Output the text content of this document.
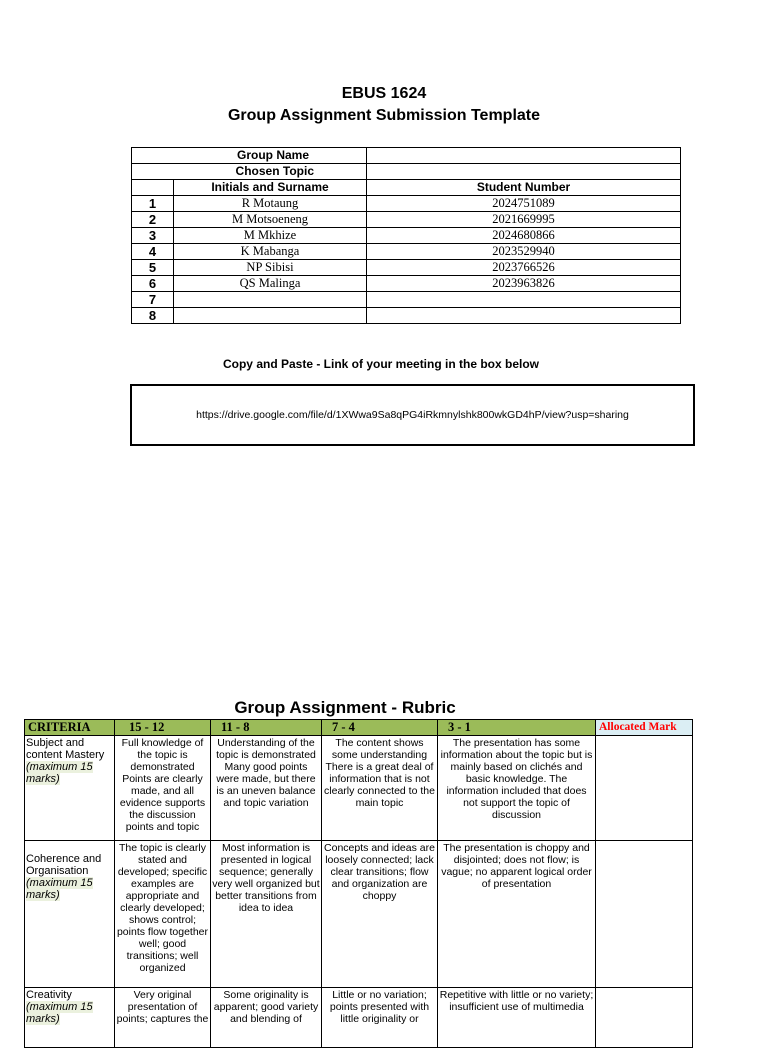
EBUS 1624
Group Assignment Submission Template
Group Name		
Chosen Topic		
	Initials and Surname	Student Number
1	R Motaung	2024751089
2	M Motsoeneng	2021669995
3	M Mkhize	2024680866
4	K Mabanga	2023529940
5	NP Sibisi	2023766526
6	QS Malinga	2023963826
7		
8		
Copy and Paste - Link of your meeting in the box below
https://drive.google.com/file/d/1XWwa9Sa8qPG4iRkmnylshk800wkGD4hP/view?usp=sharing
Group Assignment - Rubric
CRITERIA	15 - 12	11 - 8	7 - 4	3 - 1	Allocated Mark
Subject and content Mastery
(maximum 15 marks)	Full knowledge of the topic is demonstrated Points are clearly made, and all evidence supports the discussion points and topic	Understanding of the topic is demonstrated Many good points were made, but there is an uneven balance and topic variation	The content shows some understanding There is a great deal of information that is not clearly connected to the main topic	The presentation has some information about the topic but is mainly based on clichés and basic knowledge. The information included that does not support the topic of discussion	
Coherence and Organisation
(maximum 15 marks)	The topic is clearly stated and developed; specific examples are appropriate and clearly developed; shows control; points flow together well; good transitions; well organized	Most information is presented in logical sequence; generally very well organized but better transitions from idea to idea	Concepts and ideas are loosely connected; lack clear transitions; flow and organization are choppy	The presentation is choppy and disjointed; does not flow; is vague; no apparent logical order of presentation	
Creativity
(maximum 15 marks)	Very original presentation of points; captures the	Some originality is apparent; good variety and blending of	Little or no variation; points presented with little originality or	Repetitive with little or no variety; insufficient use of multimedia	
